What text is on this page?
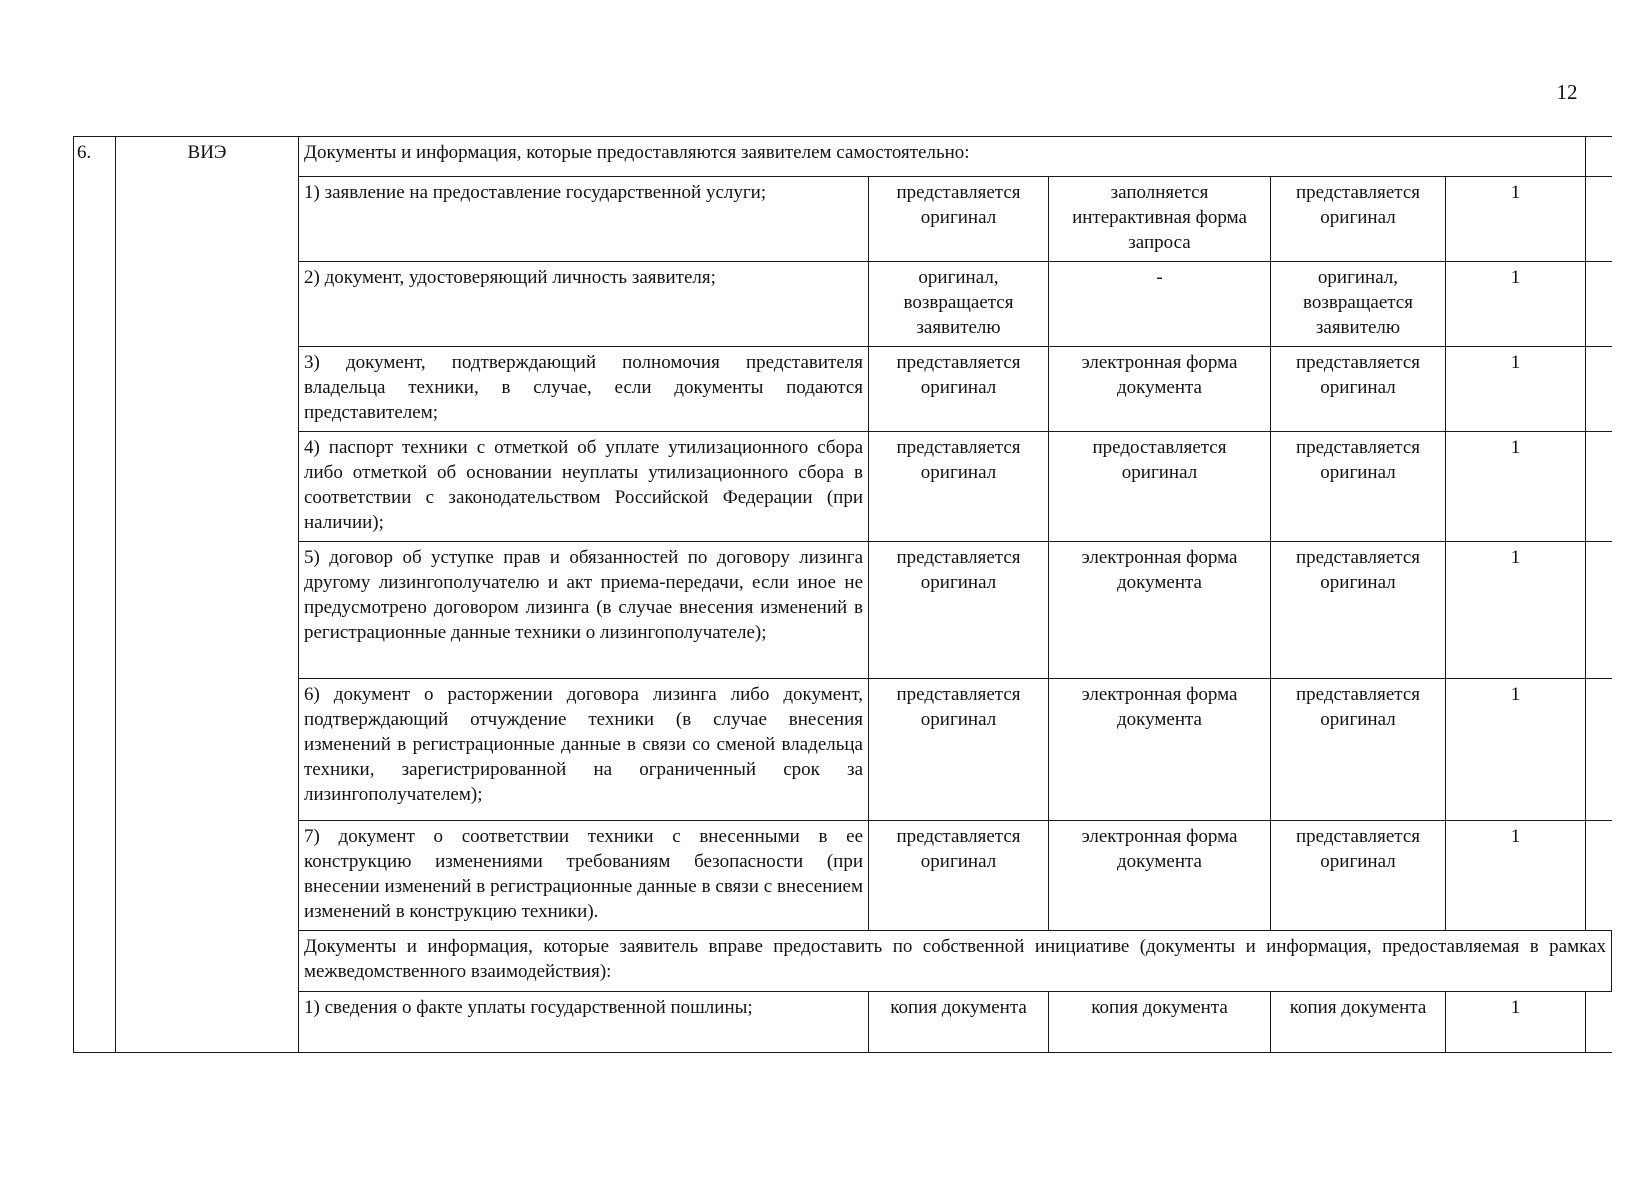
12
6.	ВИЭ	Документы и информация, которые предоставляются заявителем самостоятельно:					
		1) заявление на предоставление государственной услуги;	представляется оригинал	заполняется интерактивная форма запроса	представляется оригинал	1	
		2) документ, удостоверяющий личность заявителя;	оригинал, возвращается заявителю	-	оригинал, возвращается заявителю	1	
		3) документ, подтверждающий полномочия представителя владельца техники, в случае, если документы подаются представителем;	представляется оригинал	электронная форма документа	представляется оригинал	1	
		4) паспорт техники с отметкой об уплате утилизационного сбора либо отметкой об основании неуплаты утилизационного сбора в соответствии с законодательством Российской Федерации (при наличии);	представляется оригинал	предоставляется оригинал	представляется оригинал	1	
		5) договор об уступке прав и обязанностей по договору лизинга другому лизингополучателю и акт приема-передачи, если иное не предусмотрено договором лизинга (в случае внесения изменений в регистрационные данные техники о лизингополучателе);	представляется оригинал	электронная форма документа	представляется оригинал	1	
		6) документ о расторжении договора лизинга либо документ, подтверждающий отчуждение техники (в случае внесения изменений в регистрационные данные в связи со сменой владельца техники, зарегистрированной на ограниченный срок за лизингополучателем);	представляется оригинал	электронная форма документа	представляется оригинал	1	
		7) документ о соответствии техники с внесенными в ее конструкцию изменениями требованиям безопасности (при внесении изменений в регистрационные данные в связи с внесением изменений в конструкцию техники).	представляется оригинал	электронная форма документа	представляется оригинал	1	
		Документы и информация, которые заявитель вправе предоставить по собственной инициативе (документы и информация, предоставляемая в рамках межведомственного взаимодействия):					
		1) сведения о факте уплаты государственной пошлины;	копия документа	копия документа	копия документа	1	
